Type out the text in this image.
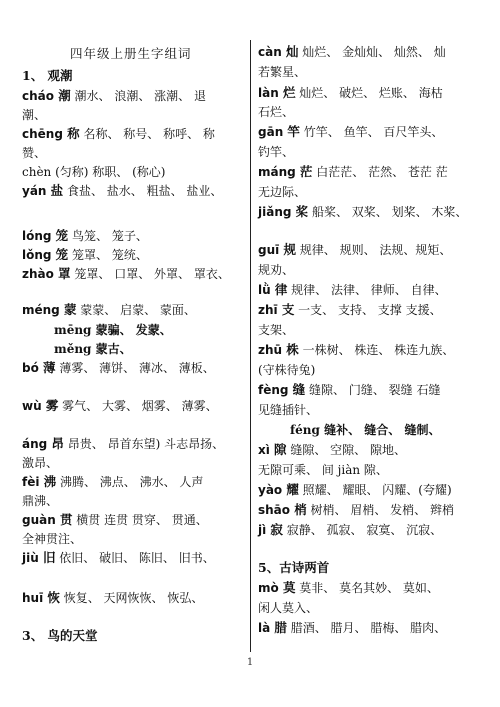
四年级上册生字组词
1、 观潮
cháo 潮 潮水、 浪潮、 涨潮、 退
潮、
chēng 称 名称、 称号、 称呼、 称
赞、
chèn (匀称) 称职、 (称心)
yán 盐 食盐、 盐水、 粗盐、 盐业、
lóng 笼 鸟笼、 笼子、
lǒng 笼 笼罩、 笼统、
zhào 罩 笼罩、 口罩、 外罩、 罩衣、
méng 蒙 蒙蒙、 启蒙、 蒙面、
mēng 蒙骗、 发蒙、
měng 蒙古、
bó 薄 薄雾、 薄饼、 薄冰、 薄板、
wù 雾 雾气、 大雾、 烟雾、 薄雾、
áng 昂 昂贵、 昂首东望) 斗志昂扬、
激昂、
fèi 沸 沸腾、 沸点、 沸水、 人声
鼎沸、
guàn 贯 横贯 连贯 贯穿、 贯通、
全神贯注、
jiù 旧 依旧、 破旧、 陈旧、 旧书、
huī 恢 恢复、 天网恢恢、 恢弘、
3、 鸟的天堂
càn 灿 灿烂、 金灿灿、 灿然、 灿
若繁星、
làn 烂 灿烂、 破烂、 烂账、 海枯
石烂、
gān 竿 竹竿、 鱼竿、 百尺竿头、
钓竿、
máng 茫 白茫茫、 茫然、 苍茫 茫
无边际、
jiǎng 桨 船桨、 双桨、 划桨、 木桨、
guī 规 规律、 规则、 法规、规矩、
规劝、
lǜ 律 规律、 法律、 律师、 自律、
zhī 支 一支、 支持、 支撑 支援、
支架、
zhū 株 一株树、 株连、 株连九族、
(守株待兔)
fèng 缝 缝隙、 门缝、 裂缝 石缝
见缝插针、
féng 缝补、 缝合、 缝制、
xì 隙 缝隙、 空隙、 隙地、
无隙可乘、 间 jiàn 隙、
yào 耀 照耀、 耀眼、 闪耀、(夸耀)
shāo 梢 树梢、 眉梢、 发梢、 辫梢
jì 寂 寂静、 孤寂、 寂寞、 沉寂、
5、古诗两首
mò 莫 莫非、 莫名其妙、 莫如、
闲人莫入、
là 腊 腊酒、 腊月、 腊梅、 腊肉、
1
